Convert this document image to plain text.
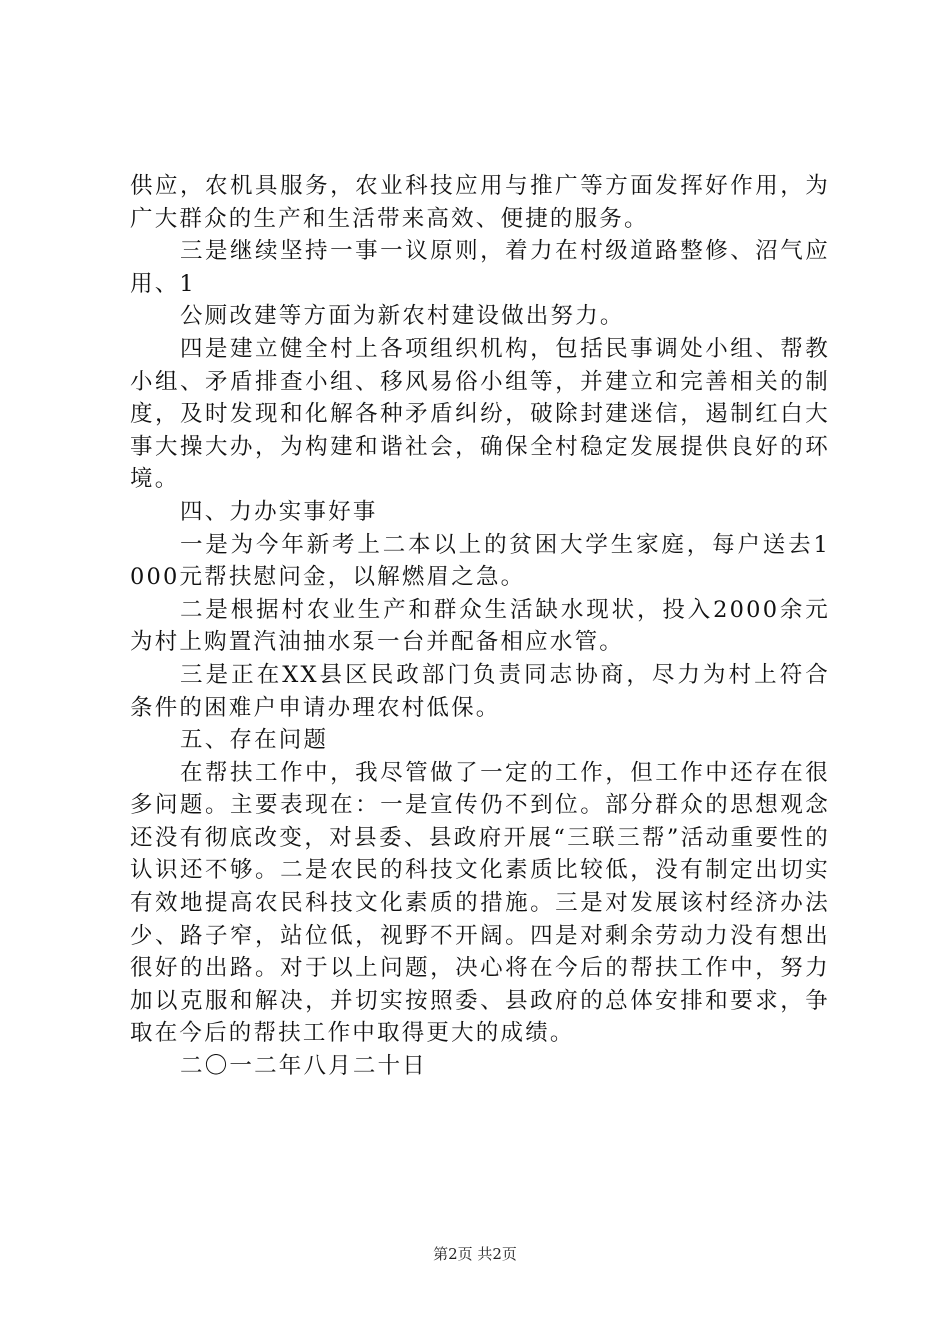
供应，农机具服务，农业科技应用与推广等方面发挥好作用，为广大群众的生产和生活带来高效、便捷的服务。

三是继续坚持一事一议原则，着力在村级道路整修、沼气应用、1

公厕改建等方面为新农村建设做出努力。

四是建立健全村上各项组织机构，包括民事调处小组、帮教小组、矛盾排查小组、移风易俗小组等，并建立和完善相关的制度，及时发现和化解各种矛盾纠纷，破除封建迷信，遏制红白大事大操大办，为构建和谐社会，确保全村稳定发展提供良好的环境。

四、力办实事好事

一是为今年新考上二本以上的贫困大学生家庭，每户送去1000元帮扶慰问金，以解燃眉之急。

二是根据村农业生产和群众生活缺水现状，投入2000余元为村上购置汽油抽水泵一台并配备相应水管。

三是正在XX县区民政部门负责同志协商，尽力为村上符合条件的困难户申请办理农村低保。

五、存在问题

在帮扶工作中，我尽管做了一定的工作，但工作中还存在很多问题。主要表现在：一是宣传仍不到位。部分群众的思想观念还没有彻底改变，对县委、县政府开展“三联三帮”活动重要性的认识还不够。二是农民的科技文化素质比较低，没有制定出切实有效地提高农民科技文化素质的措施。三是对发展该村经济办法少、路子窄，站位低，视野不开阔。四是对剩余劳动力没有想出很好的出路。对于以上问题，决心将在今后的帮扶工作中，努力加以克服和解决，并切实按照委、县政府的总体安排和要求，争取在今后的帮扶工作中取得更大的成绩。

二〇一二年八月二十日

第2页 共2页
